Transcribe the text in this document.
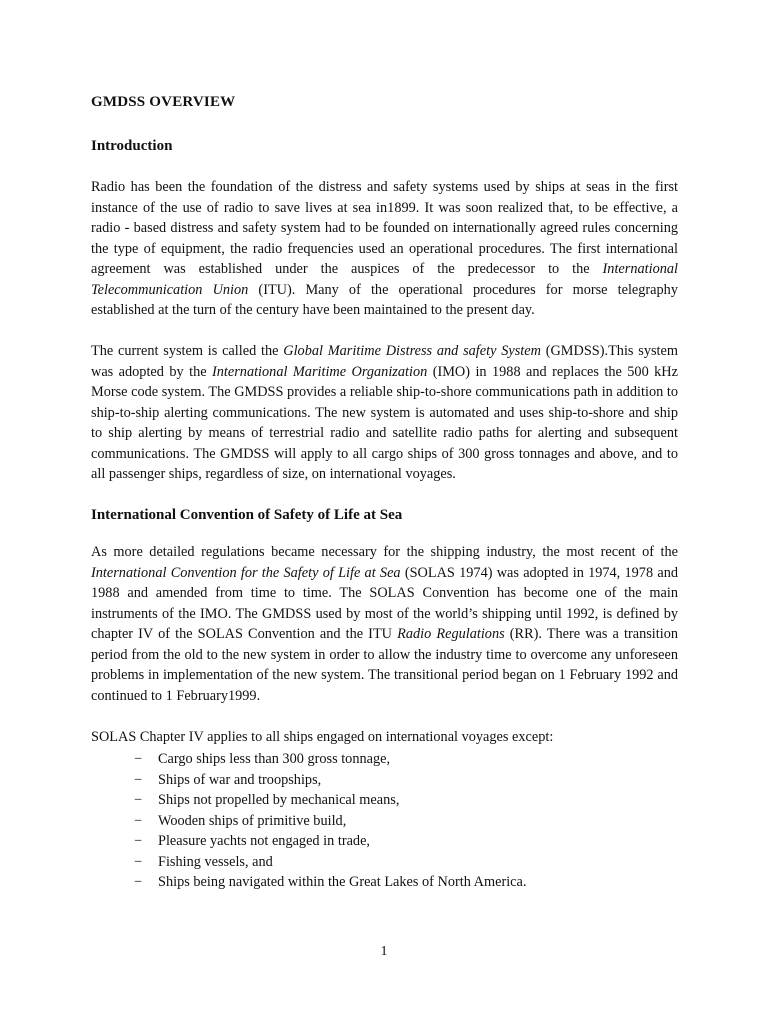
GMDSS OVERVIEW
Introduction

Radio has been the foundation of the distress and safety systems used by ships at seas in the first instance of the use of radio to save lives at sea in1899. It was soon realized that, to be effective, a radio - based distress and safety system had to be founded on internationally agreed rules concerning the type of equipment, the radio frequencies used an operational procedures. The first international agreement was established under the auspices of the predecessor to the International Telecommunication Union (ITU). Many of the operational procedures for morse telegraphy established at the turn of the century have been maintained to the present day.

The current system is called the Global Maritime Distress and safety System (GMDSS).This system was adopted by the International Maritime Organization (IMO) in 1988 and replaces the 500 kHz Morse code system. The GMDSS provides a reliable ship-to-shore communications path in addition to ship-to-ship alerting communications. The new system is automated and uses ship-to-shore and ship to ship alerting by means of terrestrial radio and satellite radio paths for alerting and subsequent communications. The GMDSS will apply to all cargo ships of 300 gross tonnages and above, and to all passenger ships, regardless of size, on international voyages.

International Convention of Safety of Life at Sea

As more detailed regulations became necessary for the shipping industry, the most recent of the International Convention for the Safety of Life at Sea (SOLAS 1974) was adopted in 1974, 1978 and 1988 and amended from time to time. The SOLAS Convention has become one of the main instruments of the IMO. The GMDSS used by most of the world’s shipping until 1992, is defined by chapter IV of the SOLAS Convention and the ITU Radio Regulations (RR). There was a transition period from the old to the new system in order to allow the industry time to overcome any unforeseen problems in implementation of the new system. The transitional period began on 1 February 1992 and continued to 1 February1999.

SOLAS Chapter IV applies to all ships engaged on international voyages except:

− Cargo ships less than 300 gross tonnage,
− Ships of war and troopships,
− Ships not propelled by mechanical means,
− Wooden ships of primitive build,
− Pleasure yachts not engaged in trade,
− Fishing vessels, and
− Ships being navigated within the Great Lakes of North America.
1
